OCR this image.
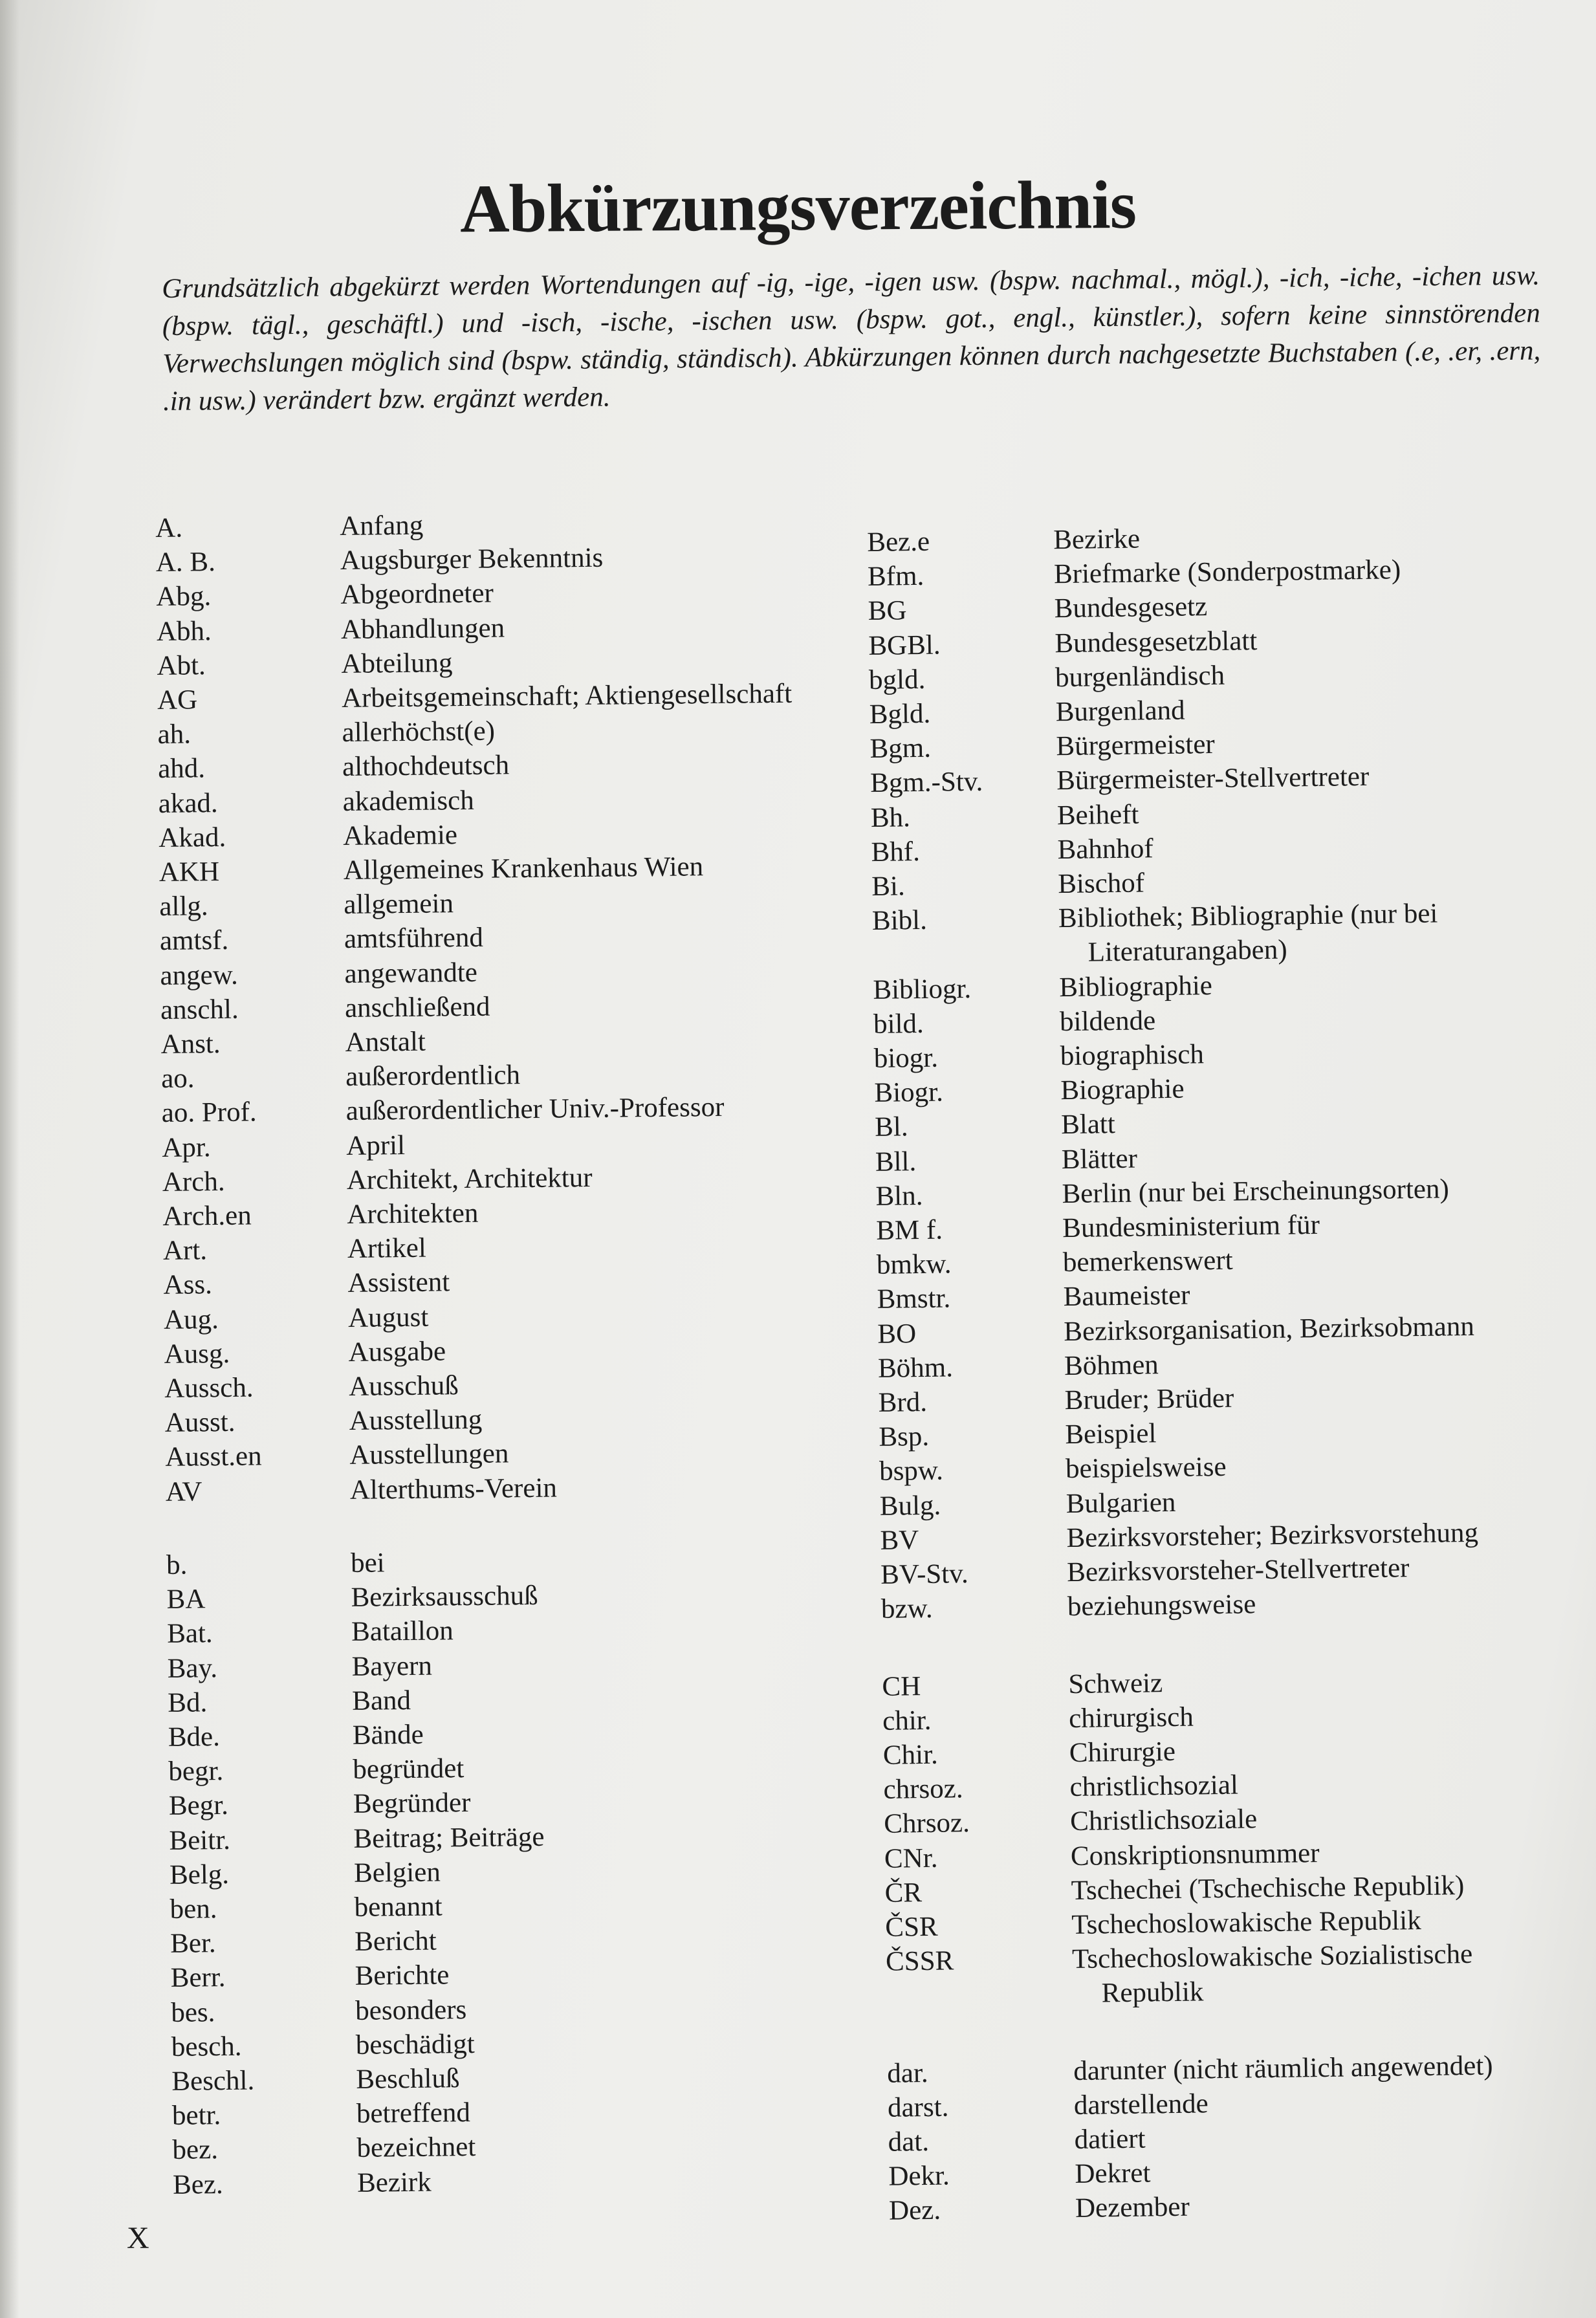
Abkürzungsverzeichnis

Grundsätzlich abgekürzt werden Wortendungen auf -ig, -ige, -igen usw. (bspw. nachmal., mögl.), -ich, -iche, -ichen usw. (bspw. tägl., geschäftl.) und -isch, -ische, -ischen usw. (bspw. got., engl., künstler.), sofern keine sinnstörenden Verwechslungen möglich sind (bspw. ständig, ständisch). Abkürzungen können durch nachgesetzte Buchstaben (.e, .er, .ern, .in usw.) verändert bzw. ergänzt werden.

A.	Anfang
A. B.	Augsburger Bekenntnis
Abg.	Abgeordneter
Abh.	Abhandlungen
Abt.	Abteilung
AG	Arbeitsgemeinschaft; Aktiengesellschaft
ah.	allerhöchst(e)
ahd.	althochdeutsch
akad.	akademisch
Akad.	Akademie
AKH	Allgemeines Krankenhaus Wien
allg.	allgemein
amtsf.	amtsführend
angew.	angewandte
anschl.	anschließend
Anst.	Anstalt
ao.	außerordentlich
ao. Prof.	außerordentlicher Univ.-Professor
Apr.	April
Arch.	Architekt, Architektur
Arch.en	Architekten
Art.	Artikel
Ass.	Assistent
Aug.	August
Ausg.	Ausgabe
Aussch.	Ausschuß
Ausst.	Ausstellung
Ausst.en	Ausstellungen
AV	Alterthums-Verein
b.	bei
BA	Bezirksausschuß
Bat.	Bataillon
Bay.	Bayern
Bd.	Band
Bde.	Bände
begr.	begründet
Begr.	Begründer
Beitr.	Beitrag; Beiträge
Belg.	Belgien
ben.	benannt
Ber.	Bericht
Berr.	Berichte
bes.	besonders
besch.	beschädigt
Beschl.	Beschluß
betr.	betreffend
bez.	bezeichnet
Bez.	Bezirk
Bez.e	Bezirke
Bfm.	Briefmarke (Sonderpostmarke)
BG	Bundesgesetz
BGBl.	Bundesgesetzblatt
bgld.	burgenländisch
Bgld.	Burgenland
Bgm.	Bürgermeister
Bgm.-Stv.	Bürgermeister-Stellvertreter
Bh.	Beiheft
Bhf.	Bahnhof
Bi.	Bischof
Bibl.	Bibliothek; Bibliographie (nur bei
Literaturangaben)
Bibliogr.	Bibliographie
bild.	bildende
biogr.	biographisch
Biogr.	Biographie
Bl.	Blatt
Bll.	Blätter
Bln.	Berlin (nur bei Erscheinungsorten)
BM f.	Bundesministerium für
bmkw.	bemerkenswert
Bmstr.	Baumeister
BO	Bezirksorganisation, Bezirksobmann
Böhm.	Böhmen
Brd.	Bruder; Brüder
Bsp.	Beispiel
bspw.	beispielsweise
Bulg.	Bulgarien
BV	Bezirksvorsteher; Bezirksvorstehung
BV-Stv.	Bezirksvorsteher-Stellvertreter
bzw.	beziehungsweise
CH	Schweiz
chir.	chirurgisch
Chir.	Chirurgie
chrsoz.	christlichsozial
Chrsoz.	Christlichsoziale
CNr.	Conskriptionsnummer
ČR	Tschechei (Tschechische Republik)
ČSR	Tschechoslowakische Republik
ČSSR	Tschechoslowakische Sozialistische
Republik
dar.	darunter (nicht räumlich angewendet)
darst.	darstellende
dat.	datiert
Dekr.	Dekret
Dez.	Dezember

X
